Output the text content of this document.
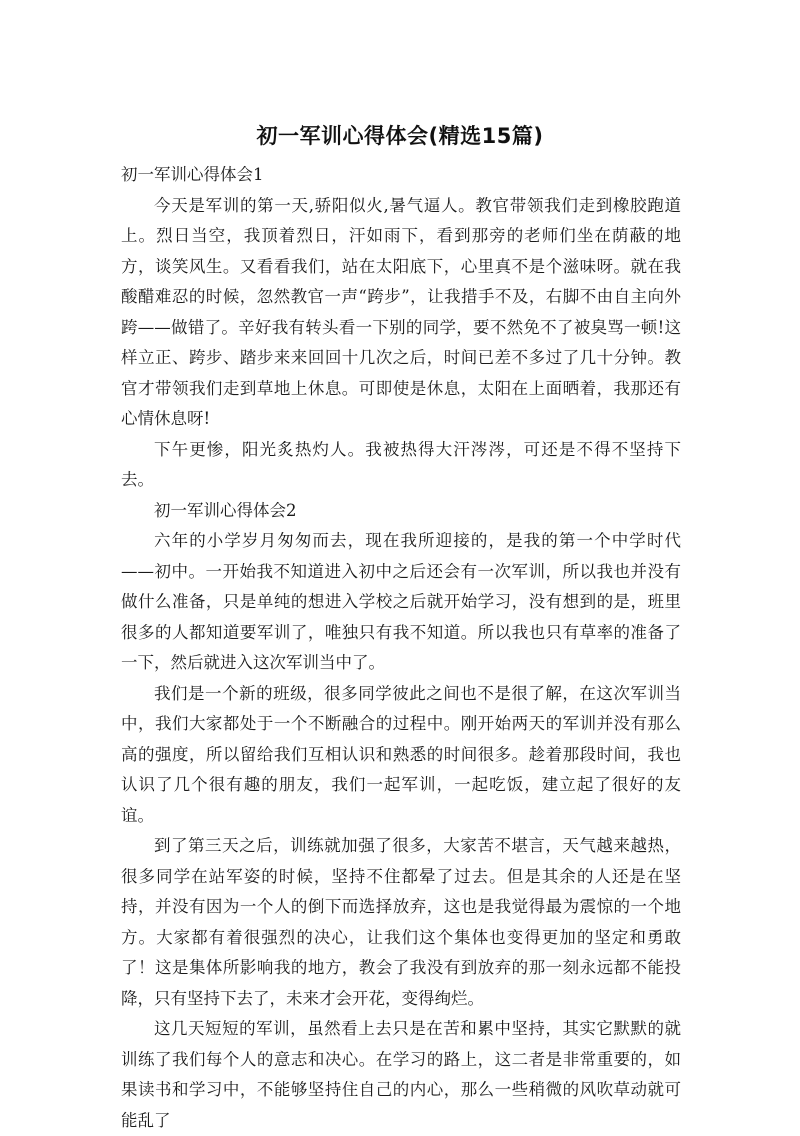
初一军训心得体会(精选15篇)

初一军训心得体会1

今天是军训的第一天,骄阳似火,暑气逼人。教官带领我们走到橡胶跑道上。烈日当空，我顶着烈日，汗如雨下，看到那旁的老师们坐在荫蔽的地方，谈笑风生。又看看我们，站在太阳底下，心里真不是个滋味呀。就在我酸醋难忍的时候，忽然教官一声“跨步”，让我措手不及，右脚不由自主向外跨——做错了。辛好我有转头看一下别的同学，要不然免不了被臭骂一顿!这样立正、跨步、踏步来来回回十几次之后，时间已差不多过了几十分钟。教官才带领我们走到草地上休息。可即使是休息，太阳在上面晒着，我那还有心情休息呀!

下午更惨，阳光炙热灼人。我被热得大汗涔涔，可还是不得不坚持下去。

初一军训心得体会2

六年的小学岁月匆匆而去，现在我所迎接的，是我的第一个中学时代——初中。一开始我不知道进入初中之后还会有一次军训，所以我也并没有做什么准备，只是单纯的想进入学校之后就开始学习，没有想到的是，班里很多的人都知道要军训了，唯独只有我不知道。所以我也只有草率的准备了一下，然后就进入这次军训当中了。

我们是一个新的班级，很多同学彼此之间也不是很了解，在这次军训当中，我们大家都处于一个不断融合的过程中。刚开始两天的军训并没有那么高的强度，所以留给我们互相认识和熟悉的时间很多。趁着那段时间，我也认识了几个很有趣的朋友，我们一起军训，一起吃饭，建立起了很好的友谊。

到了第三天之后，训练就加强了很多，大家苦不堪言，天气越来越热，很多同学在站军姿的时候，坚持不住都晕了过去。但是其余的人还是在坚持，并没有因为一个人的倒下而选择放弃，这也是我觉得最为震惊的一个地方。大家都有着很强烈的决心，让我们这个集体也变得更加的坚定和勇敢了！这是集体所影响我的地方，教会了我没有到放弃的那一刻永远都不能投降，只有坚持下去了，未来才会开花，变得绚烂。

这几天短短的军训，虽然看上去只是在苦和累中坚持，其实它默默的就训练了我们每个人的意志和决心。在学习的路上，这二者是非常重要的，如果读书和学习中，不能够坚持住自己的内心，那么一些稍微的风吹草动就可能乱了
